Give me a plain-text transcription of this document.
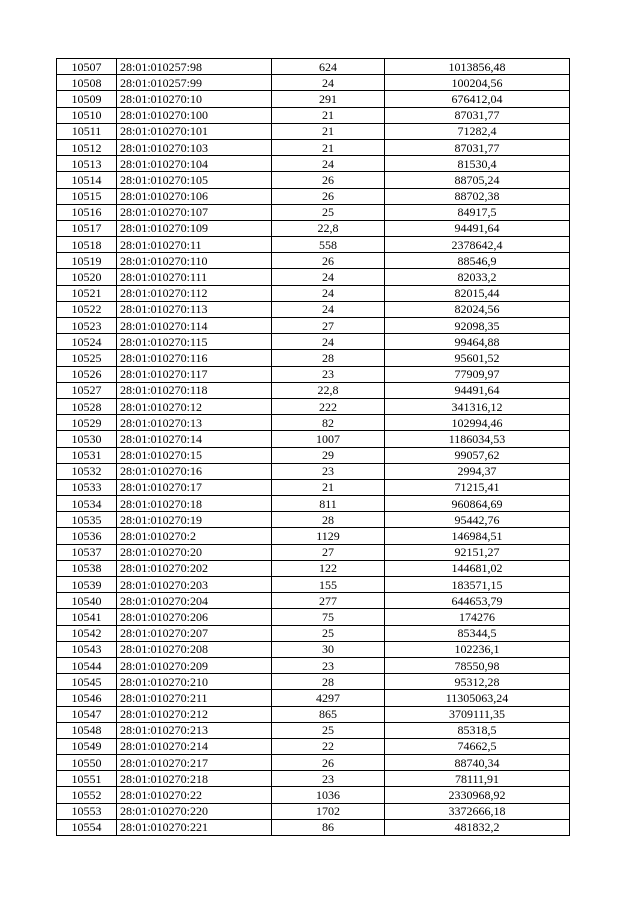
10507	28:01:010257:98	624	1013856,48
10508	28:01:010257:99	24	100204,56
10509	28:01:010270:10	291	676412,04
10510	28:01:010270:100	21	87031,77
10511	28:01:010270:101	21	71282,4
10512	28:01:010270:103	21	87031,77
10513	28:01:010270:104	24	81530,4
10514	28:01:010270:105	26	88705,24
10515	28:01:010270:106	26	88702,38
10516	28:01:010270:107	25	84917,5
10517	28:01:010270:109	22,8	94491,64
10518	28:01:010270:11	558	2378642,4
10519	28:01:010270:110	26	88546,9
10520	28:01:010270:111	24	82033,2
10521	28:01:010270:112	24	82015,44
10522	28:01:010270:113	24	82024,56
10523	28:01:010270:114	27	92098,35
10524	28:01:010270:115	24	99464,88
10525	28:01:010270:116	28	95601,52
10526	28:01:010270:117	23	77909,97
10527	28:01:010270:118	22,8	94491,64
10528	28:01:010270:12	222	341316,12
10529	28:01:010270:13	82	102994,46
10530	28:01:010270:14	1007	1186034,53
10531	28:01:010270:15	29	99057,62
10532	28:01:010270:16	23	2994,37
10533	28:01:010270:17	21	71215,41
10534	28:01:010270:18	811	960864,69
10535	28:01:010270:19	28	95442,76
10536	28:01:010270:2	1129	146984,51
10537	28:01:010270:20	27	92151,27
10538	28:01:010270:202	122	144681,02
10539	28:01:010270:203	155	183571,15
10540	28:01:010270:204	277	644653,79
10541	28:01:010270:206	75	174276
10542	28:01:010270:207	25	85344,5
10543	28:01:010270:208	30	102236,1
10544	28:01:010270:209	23	78550,98
10545	28:01:010270:210	28	95312,28
10546	28:01:010270:211	4297	11305063,24
10547	28:01:010270:212	865	3709111,35
10548	28:01:010270:213	25	85318,5
10549	28:01:010270:214	22	74662,5
10550	28:01:010270:217	26	88740,34
10551	28:01:010270:218	23	78111,91
10552	28:01:010270:22	1036	2330968,92
10553	28:01:010270:220	1702	3372666,18
10554	28:01:010270:221	86	481832,2
